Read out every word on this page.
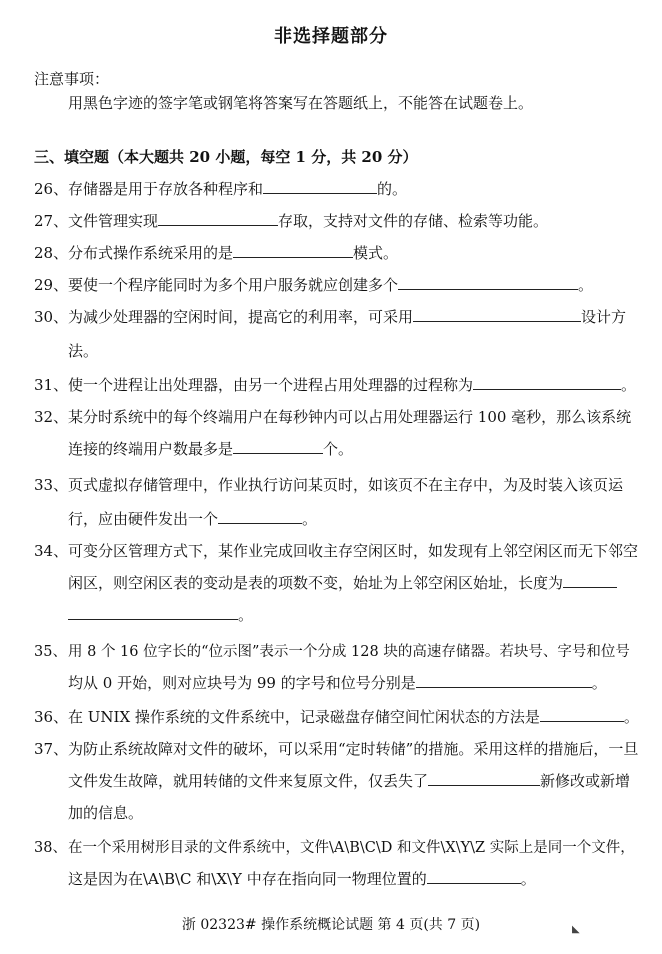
非选择题部分
注意事项：
用黑色字迹的签字笔或钢笔将答案写在答题纸上，不能答在试题卷上。
三、填空题（本大题共 20 小题，每空 1 分，共 20 分）
26、存储器是用于存放各种程序和	的。
27、文件管理实现	存取，支持对文件的存储、检索等功能。
28、分布式操作系统采用的是	模式。
29、要使一个程序能同时为多个用户服务就应创建多个	。
30、为减少处理器的空闲时间，提高它的利用率，可采用	设计方
法。
31、使一个进程让出处理器，由另一个进程占用处理器的过程称为	。
32、某分时系统中的每个终端用户在每秒钟内可以占用处理器运行 100 毫秒，那么该系统
连接的终端用户数最多是	个。
33、页式虚拟存储管理中，作业执行访问某页时，如该页不在主存中，为及时装入该页运
行，应由硬件发出一个	。
34、可变分区管理方式下，某作业完成回收主存空闲区时，如发现有上邻空闲区而无下邻空
闲区，则空闲区表的变动是表的项数不变，始址为上邻空闲区始址，长度为
。
35、用 8 个 16 位字长的“位示图”表示一个分成 128 块的高速存储器。若块号、字号和位号
均从 0 开始，则对应块号为 99 的字号和位号分别是	。
36、在 UNIX 操作系统的文件系统中，记录磁盘存储空间忙闲状态的方法是	。
37、为防止系统故障对文件的破坏，可以采用“定时转储”的措施。采用这样的措施后，一旦
文件发生故障，就用转储的文件来复原文件，仅丢失了	新修改或新增
加的信息。
38、在一个采用树形目录的文件系统中，文件\A\B\C\D 和文件\X\Y\Z 实际上是同一个文件，
这是因为在\A\B\C 和\X\Y 中存在指向同一物理位置的	。
浙 02323# 操作系统概论试题 第 4 页(共 7 页)	◣
